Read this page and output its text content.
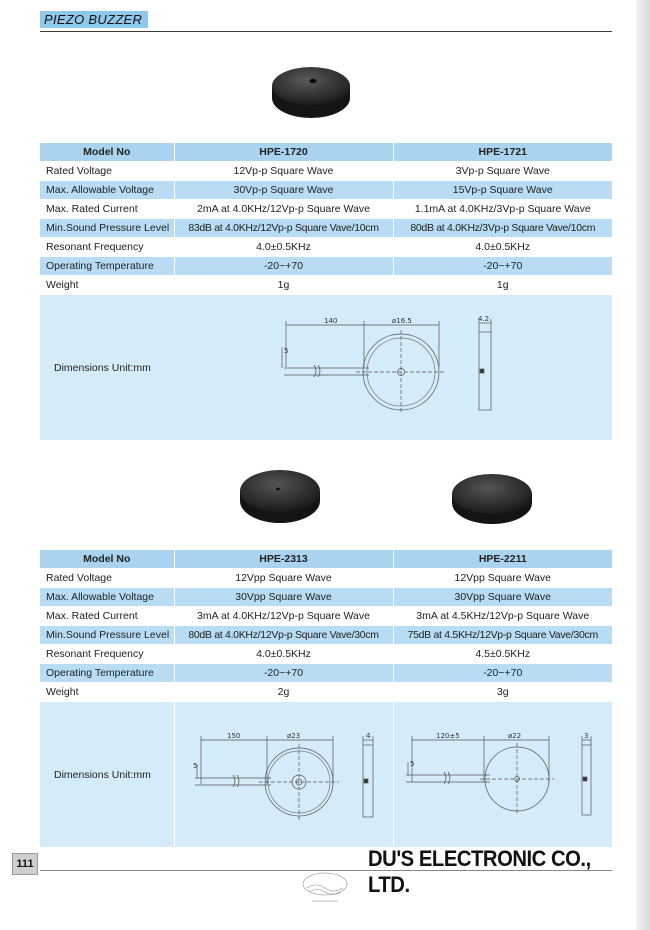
PIEZO BUZZER
Model No	HPE-1720	HPE-1721
Rated Voltage	12Vp-p Square Wave	3Vp-p Square Wave
Max. Allowable Voltage	30Vp-p Square Wave	15Vp-p Square Wave
Max. Rated Current	2mA at 4.0KHz/12Vp-p Square Wave	1.1mA at 4.0KHz/3Vp-p Square Wave
Min.Sound Pressure Level	83dB at 4.0KHz/12Vp-p Square Vave/10cm	80dB at 4.0KHz/3Vp-p Square Vave/10cm
Resonant Frequency	4.0±0.5KHz	4.0±0.5KHz
Operating Temperature	-20~+70	-20~+70
Weight	1g	1g
Dimensions Unit:mm	140 ø16.5
5
4.2	
Model No	HPE-2313	HPE-2211
Rated Voltage	12Vpp Square Wave	12Vpp Square Wave
Max. Allowable Voltage	30Vpp Square Wave	30Vpp Square Wave
Max. Rated Current	3mA at 4.0KHz/12Vp-p Square Wave	3mA at 4.5KHz/12Vp-p Square Wave
Min.Sound Pressure Level	80dB at 4.0KHz/12Vp-p Square Vave/30cm	75dB at 4.5KHz/12Vp-p Square Vave/30cm
Resonant Frequency	4.0±0.5KHz	4.5±0.5KHz
Operating Temperature	-20~+70	-20~+70
Weight	2g	3g
Dimensions Unit:mm	150 ø23
5
4	120±5 ø22
5
3
111	DU'S ELECTRONIC CO., LTD.
